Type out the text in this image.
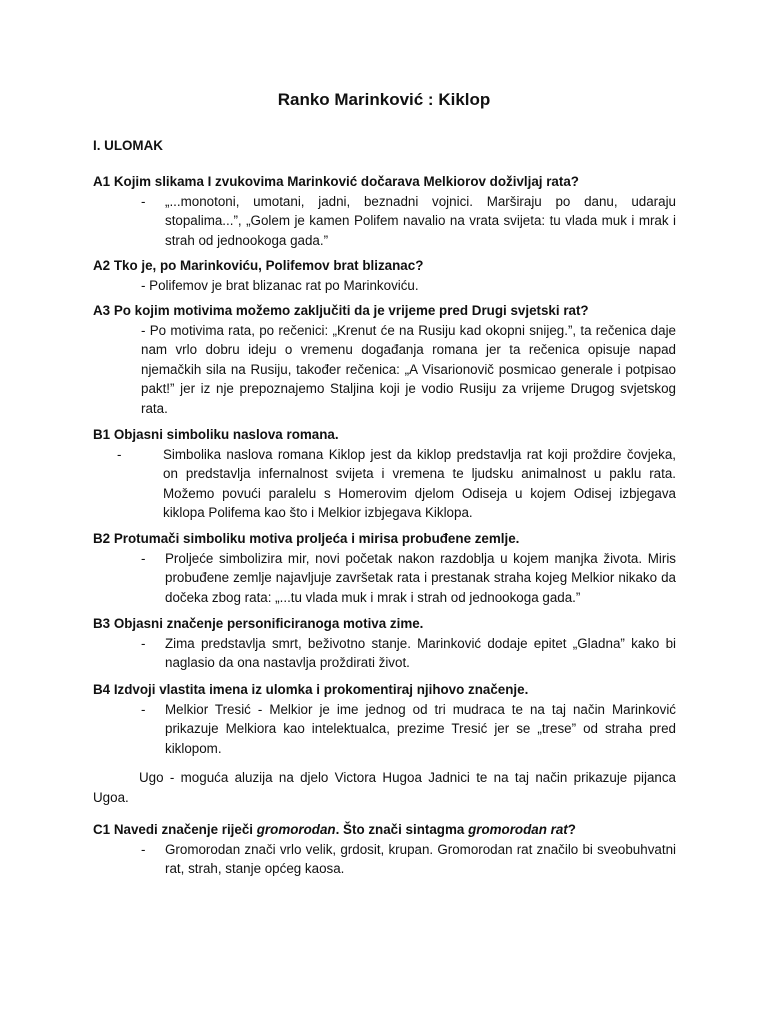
Ranko Marinković : Kiklop
I. ULOMAK

A1 Kojim slikama I zvukovima Marinković dočarava Melkiorov doživljaj rata?

-	„...monotoni, umotani, jadni, beznadni vojnici. Marširaju po danu, udaraju stopalima...”, „Golem je kamen Polifem navalio na vrata svijeta: tu vlada muk i mrak i strah od jednookoga gada.”

A2 Tko je, po Marinkoviću, Polifemov brat blizanac?

- Polifemov je brat blizanac rat po Marinkoviću.

A3 Po kojim motivima možemo zaključiti da je vrijeme pred Drugi svjetski rat?

- Po motivima rata, po rečenici: „Krenut će na Rusiju kad okopni snijeg.”, ta rečenica daje nam vrlo dobru ideju o vremenu događanja romana jer ta rečenica opisuje napad njemačkih sila na Rusiju, također rečenica: „A Visarionovič posmicao generale i potpisao pakt!” jer iz nje prepoznajemo Staljina koji je vodio Rusiju za vrijeme Drugog svjetskog rata.

B1 Objasni simboliku naslova romana.

-	Simbolika naslova romana Kiklop jest da kiklop predstavlja rat koji proždire čovjeka, on predstavlja infernalnost svijeta i vremena te ljudsku animalnost u paklu rata. Možemo povući paralelu s Homerovim djelom Odiseja u kojem Odisej izbjegava kiklopa Polifema kao što i Melkior izbjegava Kiklopa.

B2 Protumači simboliku motiva proljeća i mirisa probuđene zemlje.

-	Proljeće simbolizira mir, novi početak nakon razdoblja u kojem manjka života. Miris probuđene zemlje najavljuje završetak rata i prestanak straha kojeg Melkior nikako da dočeka zbog rata: „...tu vlada muk i mrak i strah od jednookoga gada.”

B3 Objasni značenje personificiranoga motiva zime.

-	Zima predstavlja smrt, beživotno stanje. Marinković dodaje epitet „Gladna” kako bi naglasio da ona nastavlja proždirati život.

B4 Izdvoji vlastita imena iz ulomka i prokomentiraj njihovo značenje.

-	Melkior Tresić - Melkior je ime jednog od tri mudraca te na taj način Marinković prikazuje Melkiora kao intelektualca, prezime Tresić jer se „trese” od straha pred kiklopom.

Ugo - moguća aluzija na djelo Victora Hugoa Jadnici te na taj način prikazuje pijanca Ugoa.

C1 Navedi značenje riječi gromorodan. Što znači sintagma gromorodan rat?

-	Gromorodan znači vrlo velik, grdosit, krupan. Gromorodan rat značilo bi sveobuhvatni rat, strah, stanje općeg kaosa.
